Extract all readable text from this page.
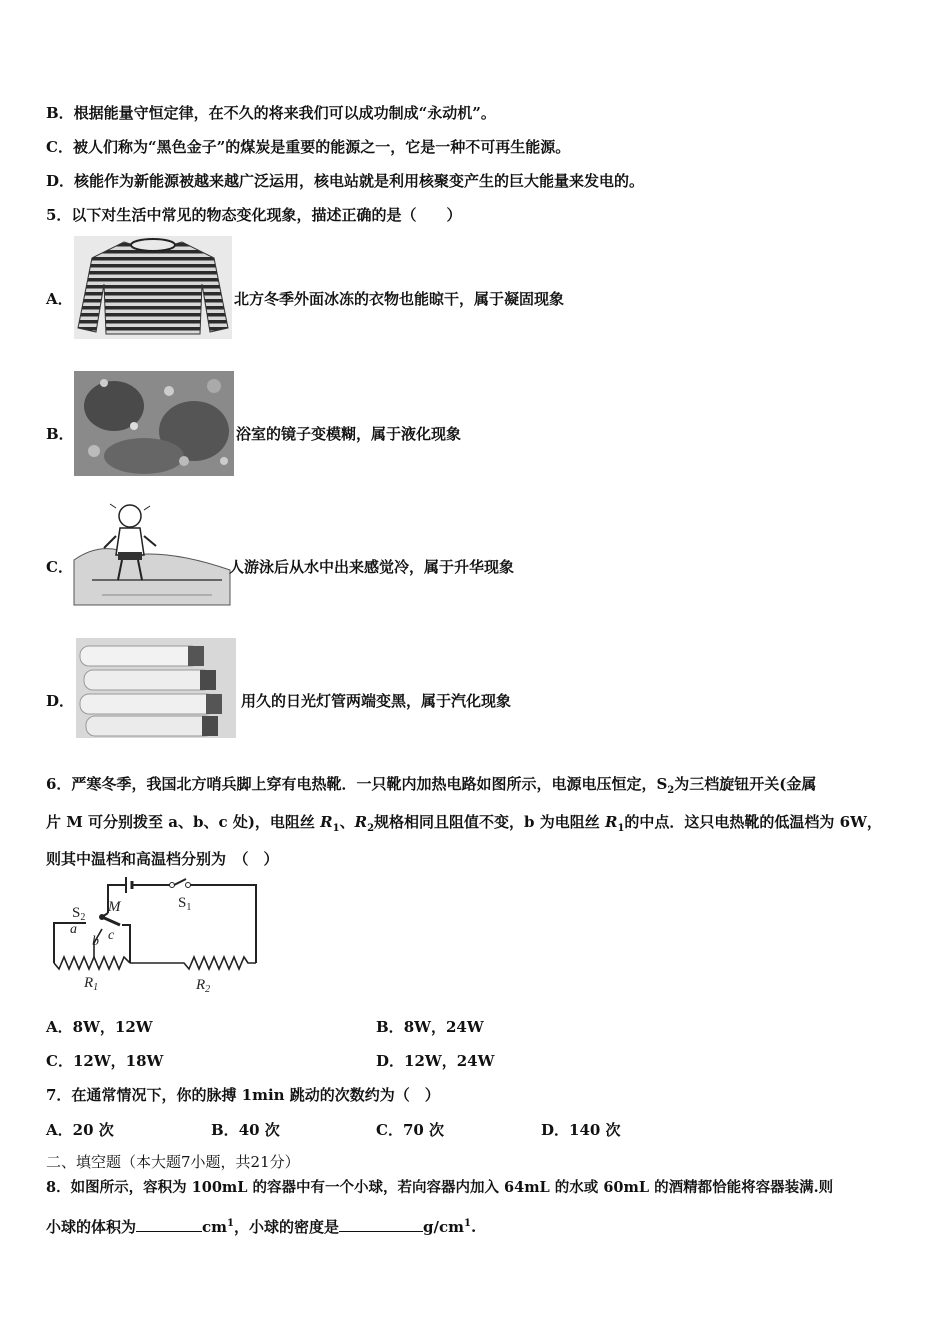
B．根据能量守恒定律，在不久的将来我们可以成功制成“永动机”。
C．被人们称为“黑色金子”的煤炭是重要的能源之一，它是一种不可再生能源。
D．核能作为新能源被越来越广泛运用，核电站就是利用核聚变产生的巨大能量来发电的。
5．以下对生活中常见的物态变化现象，描述正确的是（　　）
A．	北方冬季外面冰冻的衣物也能晾干，属于凝固现象
B．	浴室的镜子变模糊，属于液化现象
C．	人游泳后从水中出来感觉冷，属于升华现象
D．	用久的日光灯管两端变黑，属于汽化现象
6．严寒冬季，我国北方哨兵脚上穿有电热靴．一只靴内加热电路如图所示，电源电压恒定，$S_2$为三档旋钮开关(金属
片 M 可分别拨至 a、b、c 处)，电阻丝 $R_1$、$R_2$规格相同且阻值不变，b 为电阻丝 $R_1$的中点．这只电热靴的低温档为 6W，
则其中温档和高温档分别为　（　）
$S_2$
M
a
b c
$S_1$
$R_1$	$R_2$
A．8W，12W	B．8W，24W
C．12W，18W	D．12W，24W
7．在通常情况下，你的脉搏 1min 跳动的次数约为（　）
A．20 次	B．40 次	C．70 次	D．140 次
二、填空题（本大题7小题，共21分）
8．如图所示，容积为 100mL 的容器中有一个小球，若向容器内加入 64mL 的水或 60mL 的酒精都恰能将容器装满.则
小球的体积为	$cm^1$，小球的密度是	$g/cm^1$.
